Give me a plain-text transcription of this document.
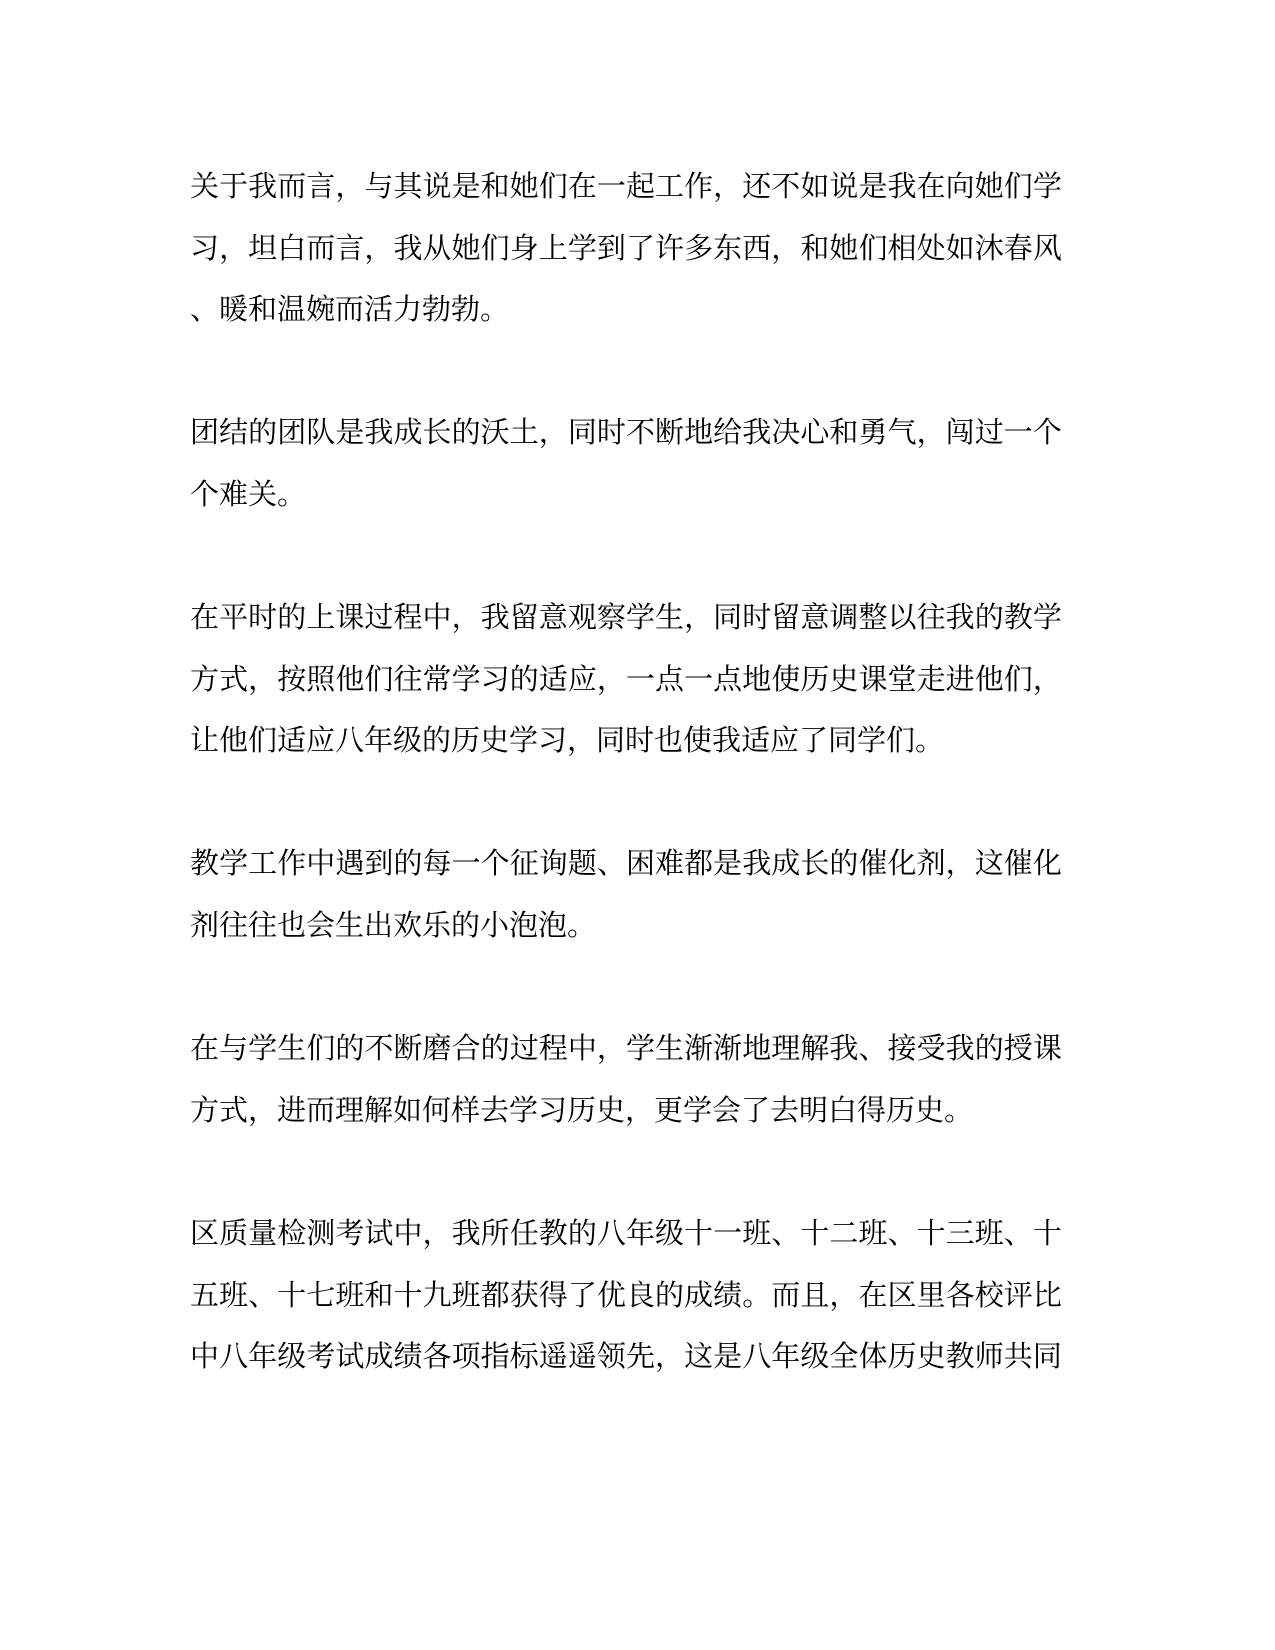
关 于 我 而 言 ， 与 其 说 是 和 她 们 在 一 起 工 作 ， 还 不 如 说 是 我 在 向 她 们 学
习 ， 坦 白 而 言 ， 我 从 她 们 身 上 学 到 了 许 多 东 西 ， 和 她 们 相 处 如 沐 春 风
、暖和温婉而活力勃勃。
团 结 的 团 队 是 我 成 长 的 沃 土 ， 同 时 不 断 地 给 我 决 心 和 勇 气 ， 闯 过 一 个
个难关。
在 平 时 的 上 课 过 程 中 ， 我 留 意 观 察 学 生 ， 同 时 留 意 调 整 以 往 我 的 教 学
方 式 ， 按 照 他 们 往 常 学 习 的 适 应 ， 一 点 一 点 地 使 历 史 课 堂 走 进 他 们 ，
让他们适应八年级的历史学习，同时也使我适应了同学们。
教 学 工 作 中 遇 到 的 每 一 个 征 询 题 、 困 难 都 是 我 成 长 的 催 化 剂 ， 这 催 化
剂往往也会生出欢乐的小泡泡。
在 与 学 生 们 的 不 断 磨 合 的 过 程 中 ， 学 生 渐 渐 地 理 解 我 、 接 受 我 的 授 课
方式，进而理解如何样去学习历史，更学会了去明白得历史。
区 质 量 检 测 考 试 中 ， 我 所 任 教 的 八 年 级 十 一 班 、 十 二 班 、 十 三 班 、 十
五 班 、 十 七 班 和 十 九 班 都 获 得 了 优 良 的 成 绩 。 而 且 ， 在 区 里 各 校 评 比
中 八 年 级 考 试 成 绩 各 项 指 标 遥 遥 领 先 ， 这 是 八 年 级 全 体 历 史 教 师 共 同
